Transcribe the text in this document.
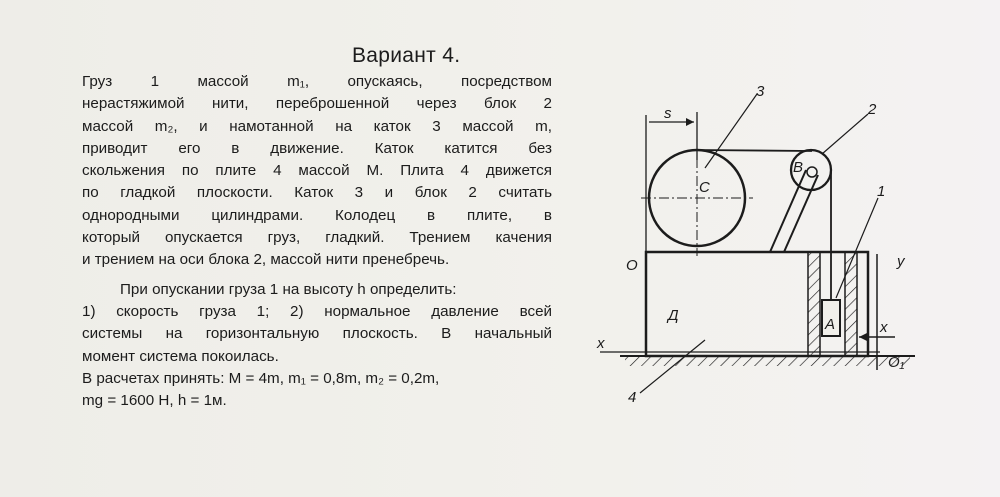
Вариант 4.
Груз 1 массой m₁, опускаясь, посредством
нерастяжимой нити, переброшенной через блок 2
массой m₂, и намотанной на каток 3 массой m,
приводит его в движение. Каток катится без
скольжения по плите 4 массой М. Плита 4 движется
по гладкой плоскости. Каток 3 и блок 2 считать
однородными цилиндрами. Колодец в плите, в
который опускается груз, гладкий. Трением качения
и трением на оси блока 2, массой нити пренебречь.
При опускании груза 1 на высоту h определить:
1) скорость груза 1; 2) нормальное давление всей
системы на горизонтальную плоскость. В начальный
момент система покоилась.
В расчетах принять: М = 4m, m₁ = 0,8m, m₂ = 0,2m,
mg = 1600 Н, h = 1м.
s
3
2
1
C
B
O	y
Д
A	x
x
O₁
4
